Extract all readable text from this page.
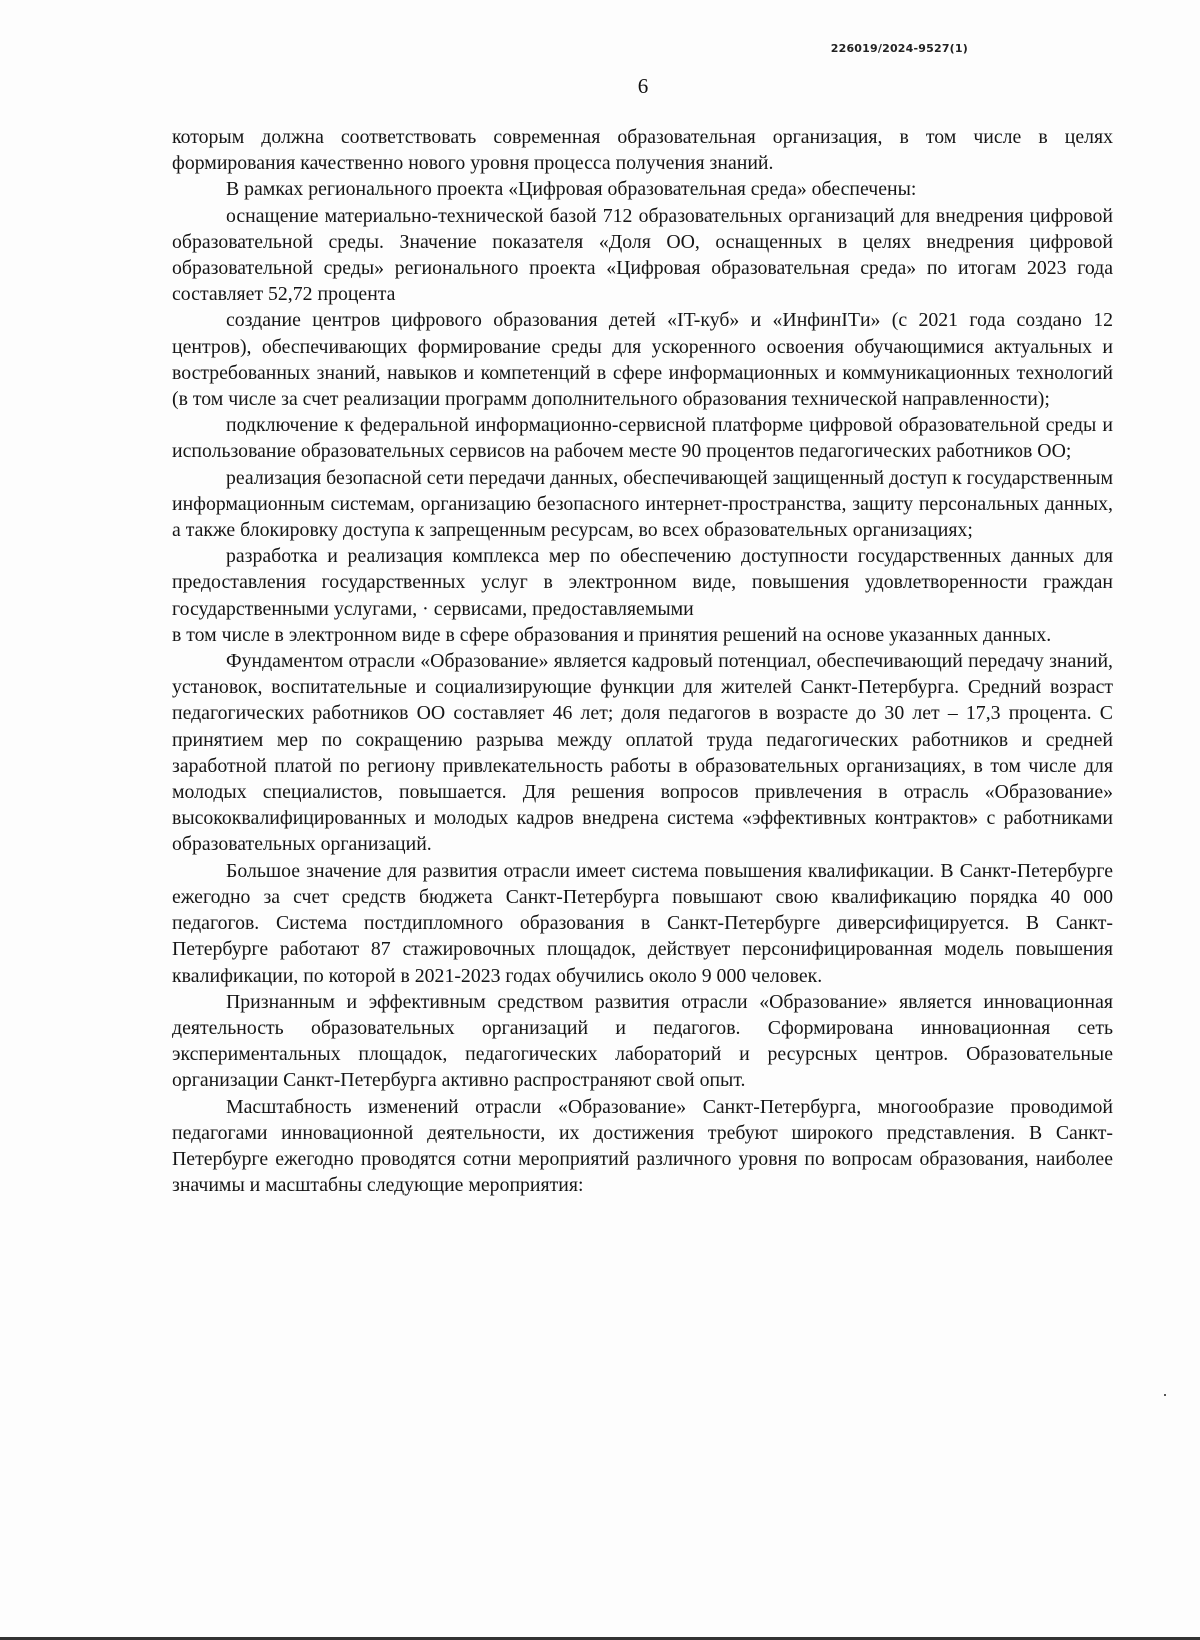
226019/2024-9527(1)
6

которым должна соответствовать современная образовательная организация, в том числе в целях формирования качественно нового уровня процесса получения знаний.

В рамках регионального проекта «Цифровая образовательная среда» обеспечены:

оснащение материально-технической базой 712 образовательных организаций для внедрения цифровой образовательной среды. Значение показателя «Доля ОО, оснащенных в целях внедрения цифровой образовательной среды» регионального проекта «Цифровая образовательная среда» по итогам 2023 года составляет 52,72 процента

создание центров цифрового образования детей «IT-куб» и «ИнфинITи» (с 2021 года создано 12 центров), обеспечивающих формирование среды для ускоренного освоения обучающимися актуальных и востребованных знаний, навыков и компетенций в сфере информационных и коммуникационных технологий (в том числе за счет реализации программ дополнительного образования технической направленности);

подключение к федеральной информационно-сервисной платформе цифровой образовательной среды и использование образовательных сервисов на рабочем месте 90 процентов педагогических работников ОО;

реализация безопасной сети передачи данных, обеспечивающей защищенный доступ к государственным информационным системам, организацию безопасного интернет-пространства, защиту персональных данных, а также блокировку доступа к запрещенным ресурсам, во всех образовательных организациях;

разработка и реализация комплекса мер по обеспечению доступности государственных данных для предоставления государственных услуг в электронном виде, повышения удовлетворенности граждан государственными услугами, · сервисами, предоставляемыми

в том числе в электронном виде в сфере образования и принятия решений на основе указанных данных.

Фундаментом отрасли «Образование» является кадровый потенциал, обеспечивающий передачу знаний, установок, воспитательные и социализирующие функции для жителей Санкт-Петербурга. Средний возраст педагогических работников ОО составляет 46 лет; доля педагогов в возрасте до 30 лет – 17,3 процента. С принятием мер по сокращению разрыва между оплатой труда педагогических работников и средней заработной платой по региону привлекательность работы в образовательных организациях, в том числе для молодых специалистов, повышается. Для решения вопросов привлечения в отрасль «Образование» высококвалифицированных и молодых кадров внедрена система «эффективных контрактов» с работниками образовательных организаций.

Большое значение для развития отрасли имеет система повышения квалификации. В Санкт-Петербурге ежегодно за счет средств бюджета Санкт-Петербурга повышают свою квалификацию порядка 40 000 педагогов. Система постдипломного образования в Санкт-Петербурге диверсифицируется. В Санкт-Петербурге работают 87 стажировочных площадок, действует персонифицированная модель повышения квалификации, по которой в 2021-2023 годах обучились около 9 000 человек.

Признанным и эффективным средством развития отрасли «Образование» является инновационная деятельность образовательных организаций и педагогов. Сформирована инновационная сеть экспериментальных площадок, педагогических лабораторий и ресурсных центров. Образовательные организации Санкт-Петербурга активно распространяют свой опыт.

Масштабность изменений отрасли «Образование» Санкт-Петербурга, многообразие проводимой педагогами инновационной деятельности, их достижения требуют широкого представления. В Санкт-Петербурге ежегодно проводятся сотни мероприятий различного уровня по вопросам образования, наиболее значимы и масштабны следующие мероприятия:
